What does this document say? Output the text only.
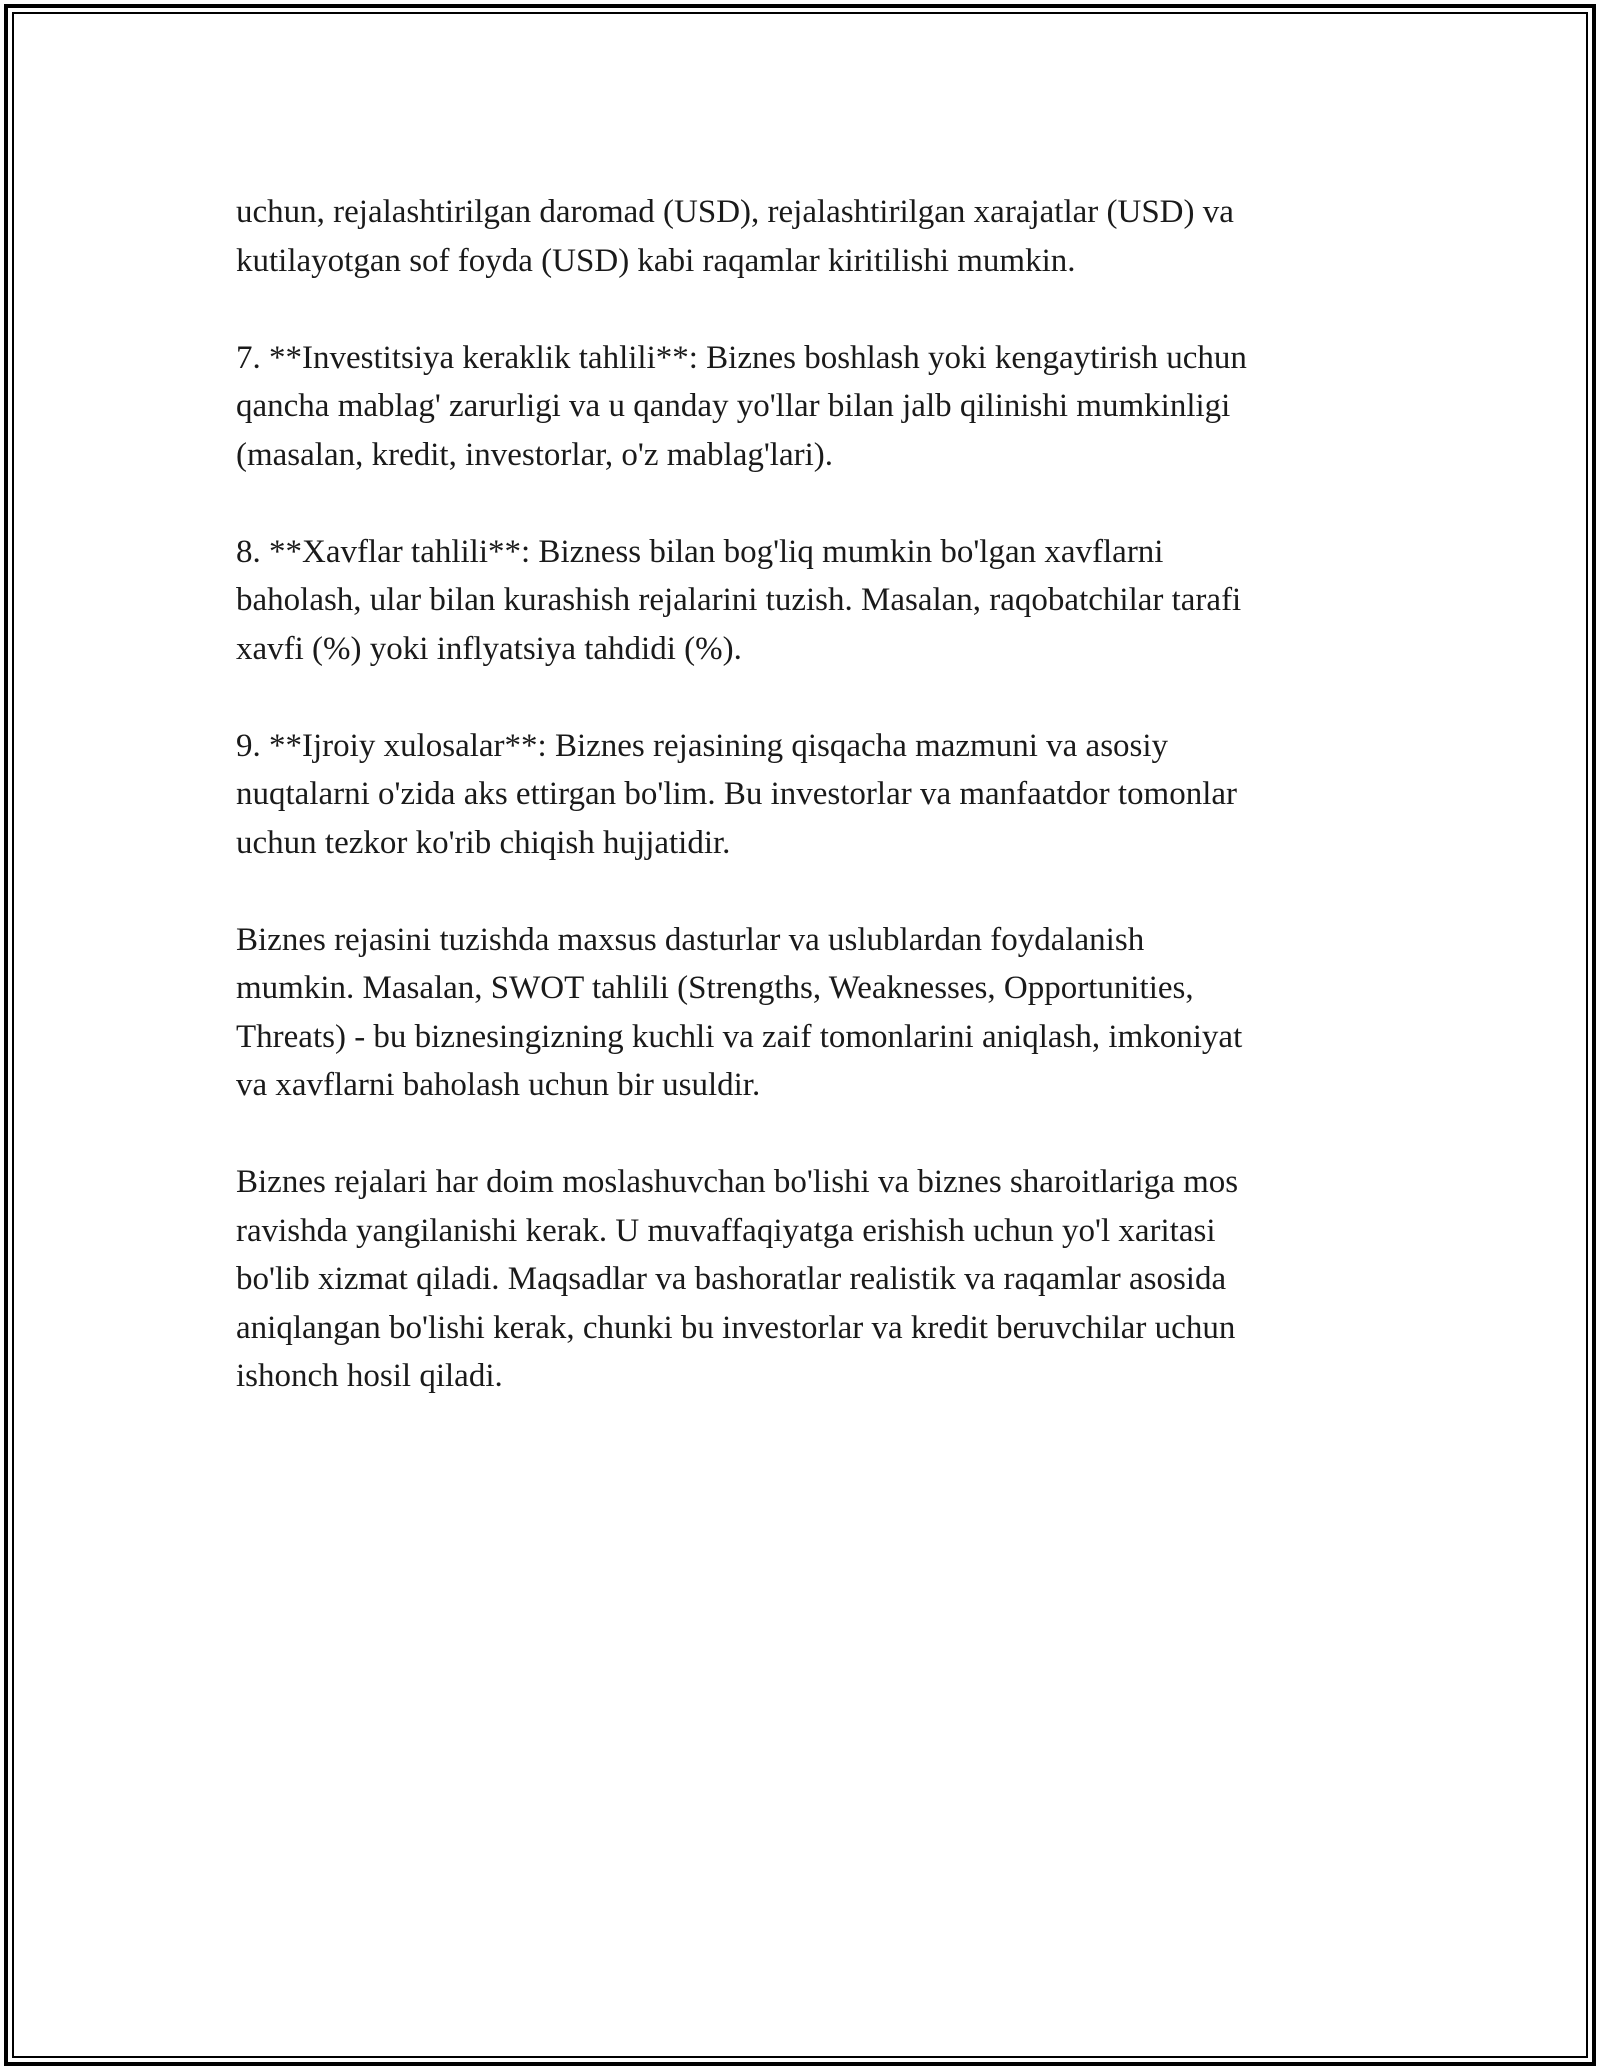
uchun, rejalashtirilgan daromad (USD), rejalashtirilgan xarajatlar (USD) va
kutilayotgan sof foyda (USD) kabi raqamlar kiritilishi mumkin.

7. **Investitsiya keraklik tahlili**: Biznes boshlash yoki kengaytirish uchun
qancha mablag' zarurligi va u qanday yo'llar bilan jalb qilinishi mumkinligi
(masalan, kredit, investorlar, o'z mablag'lari).

8. **Xavflar tahlili**: Bizness bilan bog'liq mumkin bo'lgan xavflarni
baholash, ular bilan kurashish rejalarini tuzish. Masalan, raqobatchilar tarafi
xavfi (%) yoki inflyatsiya tahdidi (%).

9. **Ijroiy xulosalar**: Biznes rejasining qisqacha mazmuni va asosiy
nuqtalarni o'zida aks ettirgan bo'lim. Bu investorlar va manfaatdor tomonlar
uchun tezkor ko'rib chiqish hujjatidir.

Biznes rejasini tuzishda maxsus dasturlar va uslublardan foydalanish
mumkin. Masalan, SWOT tahlili (Strengths, Weaknesses, Opportunities,
Threats) - bu biznesingizning kuchli va zaif tomonlarini aniqlash, imkoniyat
va xavflarni baholash uchun bir usuldir.

Biznes rejalari har doim moslashuvchan bo'lishi va biznes sharoitlariga mos
ravishda yangilanishi kerak. U muvaffaqiyatga erishish uchun yo'l xaritasi
bo'lib xizmat qiladi. Maqsadlar va bashoratlar realistik va raqamlar asosida
aniqlangan bo'lishi kerak, chunki bu investorlar va kredit beruvchilar uchun
ishonch hosil qiladi.
